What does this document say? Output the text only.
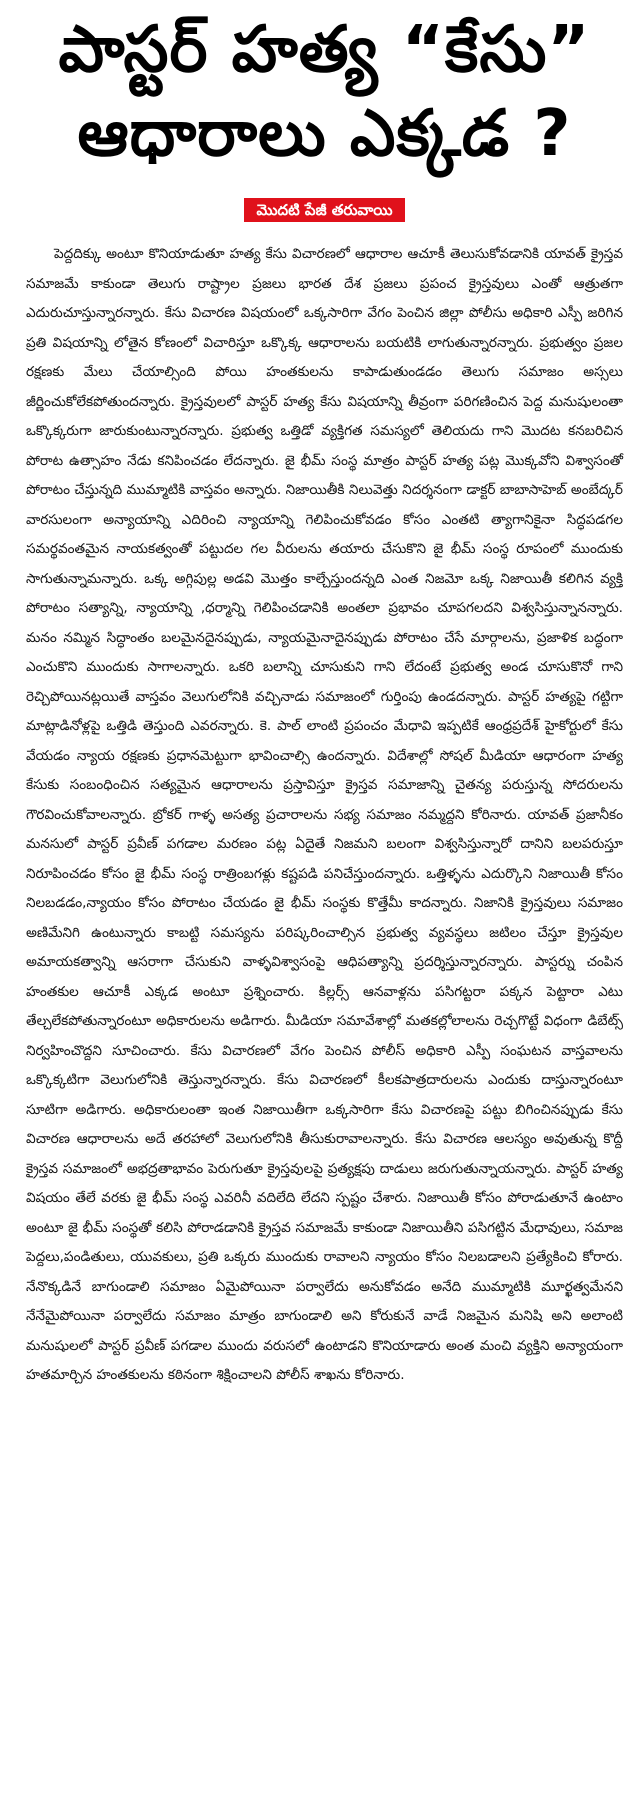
పాస్టర్ హత్య “కేసు”
ఆధారాలు ఎక్కడ ?
మొదటి పేజీ తరువాయి

పెద్దదిక్కు అంటూ కొనియాడుతూ హత్య కేసు విచారణలో ఆధారాల ఆచూకీ తెలుసుకోవడానికి యావత్ క్రైస్తవ సమాజమే కాకుండా తెలుగు రాష్ట్రాల ప్రజలు భారత దేశ ప్రజలు ప్రపంచ క్రైస్తవులు ఎంతో ఆత్రుతగా ఎదురుచూస్తున్నారన్నారు. కేసు విచారణ విషయంలో ఒక్కసారిగా వేగం పెంచిన జిల్లా పోలీసు అధికారి ఎస్పీ జరిగిన ప్రతి విషయాన్ని లోతైన కోణంలో విచారిస్తూ ఒక్కొక్క ఆధారాలను బయటికి లాగుతున్నారన్నారు. ప్రభుత్వం ప్రజల రక్షణకు మేలు చేయాల్సింది పోయి హంతకులను కాపాడుతుండడం తెలుగు సమాజం అస్సలు జీర్ణించుకోలేకపోతుందన్నారు. క్రైస్తవులలో పాస్టర్ హత్య కేసు విషయాన్ని తీవ్రంగా పరిగణించిన పెద్ద మనుషులంతా ఒక్కొక్కరుగా జారుకుంటున్నారన్నారు. ప్రభుత్వ ఒత్తిడో వ్యక్తిగత సమస్యలో తెలియదు గాని మొదట కనబరిచిన పోరాట ఉత్సాహం నేడు కనిపించడం లేదన్నారు. జై భీమ్ సంస్థ మాత్రం పాస్టర్ హత్య పట్ల మొక్కవోని విశ్వాసంతో పోరాటం చేస్తున్నది ముమ్మాటికి వాస్తవం అన్నారు. నిజాయితీకి నిలువెత్తు నిదర్శనంగా డాక్టర్ బాబాసాహెబ్ అంబేద్కర్ వారసులంగా అన్యాయాన్ని ఎదిరించి న్యాయాన్ని గెలిపించుకోవడం కోసం ఎంతటి త్యాగానికైనా సిద్ధపడగల సమర్థవంతమైన నాయకత్వంతో పట్టుదల గల వీరులను తయారు చేసుకొని జై భీమ్ సంస్థ రూపంలో ముందుకు సాగుతున్నామన్నారు. ఒక్క అగ్గిపుల్ల అడవి మొత్తం కాల్చేస్తుందన్నది ఎంత నిజమో ఒక్క నిజాయితీ కలిగిన వ్యక్తి పోరాటం సత్యాన్ని, న్యాయాన్ని ,ధర్మాన్ని గెలిపించడానికి అంతలా ప్రభావం చూపగలదని విశ్వసిస్తున్నానన్నారు. మనం నమ్మిన సిద్ధాంతం బలమైనదైనప్పుడు, న్యాయమైనాదైనప్పుడు పోరాటం చేసే మార్గాలను, ప్రజాళిక బద్ధంగా ఎంచుకొని ముందుకు సాగాలన్నారు. ఒకరి బలాన్ని చూసుకుని గాని లేదంటే ప్రభుత్వ అండ చూసుకొనో గాని రెచ్చిపోయినట్లయితే వాస్తవం వెలుగులోనికి వచ్చినాడు సమాజంలో గుర్తింపు ఉండదన్నారు. పాస్టర్ హత్యపై గట్టిగా మాట్లాడినోళ్లపై ఒత్తిడి తెస్తుంది ఎవరన్నారు. కె. పాల్ లాంటి ప్రపంచం మేధావి ఇప్పటికే ఆంధ్రప్రదేశ్ హైకోర్టులో కేసు వేయడం న్యాయ రక్షణకు ప్రధానమెట్టుగా భావించాల్సి ఉందన్నారు. విదేశాల్లో సోషల్ మీడియా ఆధారంగా హత్య కేసుకు సంబంధించిన సత్యమైన ఆధారాలను ప్రస్తావిస్తూ క్రైస్తవ సమాజాన్ని చైతన్య పరుస్తున్న సోదరులను గౌరవించుకోవాలన్నారు. బ్రోకర్ గాళ్ళ అసత్య ప్రచారాలను సభ్య సమాజం నమ్మద్దని కోరినారు. యావత్ ప్రజానీకం మనసులో పాస్టర్ ప్రవీణ్ పగడాల మరణం పట్ల ఏదైతే నిజమని బలంగా విశ్వసిస్తున్నారో దానిని బలపరుస్తూ నిరూపించడం కోసం జై భీమ్ సంస్థ రాత్రింబగళ్లు కష్టపడి పనిచేస్తుందన్నారు. ఒత్తిళ్ళను ఎదుర్కొని నిజాయితీ కోసం నిలబడడం,న్యాయం కోసం పోరాటం చేయడం జై భీమ్ సంస్థకు కొత్తేమీ కాదన్నారు. నిజానికి క్రైస్తవులు సమాజం అణిమేనిగి ఉంటున్నారు కాబట్టి సమస్యను పరిష్కరించాల్సిన ప్రభుత్వ వ్యవస్థలు జటిలం చేస్తూ క్రైస్తవుల అమాయకత్వాన్ని ఆసరాగా చేసుకుని వాళ్ళవిశ్వాసంపై ఆధిపత్యాన్ని ప్రదర్శిస్తున్నారన్నారు. పాస్టర్ను చంపిన హంతకుల ఆచూకీ ఎక్కడ అంటూ ప్రశ్నించారు. కిల్లర్స్ ఆనవాళ్లను పసిగట్టరా పక్కన పెట్టారా ఎటు తేల్చలేకపోతున్నారంటూ అధికారులను అడిగారు. మీడియా సమావేశాల్లో మతకల్లోలాలను రెచ్చగొట్టే విధంగా డిబేట్స్ నిర్వహించొద్దని సూచించారు. కేసు విచారణలో వేగం పెంచిన పోలీస్ అధికారి ఎస్పీ సంఘటన వాస్తవాలను ఒక్కొక్కటిగా వెలుగులోనికి తెస్తున్నారన్నారు. కేసు విచారణలో కీలకపాత్రదారులను ఎందుకు దాస్తున్నారంటూ సూటిగా అడిగారు. అధికారులంతా ఇంత నిజాయితీగా ఒక్కసారిగా కేసు విచారణపై పట్టు బిగించినప్పుడు కేసు విచారణ ఆధారాలను అదే తరహాలో వెలుగులోనికి తీసుకురావాలన్నారు. కేసు విచారణ ఆలస్యం అవుతున్న కొద్దీ క్రైస్తవ సమాజంలో అభద్రతాభావం పెరుగుతూ క్రైస్తవులపై ప్రత్యక్షపు దాడులు జరుగుతున్నాయన్నారు. పాస్టర్ హత్య విషయం తేలే వరకు జై భీమ్ సంస్థ ఎవరినీ వదిలేది లేదని స్పష్టం చేశారు. నిజాయితీ కోసం పోరాడుతూనే ఉంటాం అంటూ జై భీమ్ సంస్థతో కలిసి పోరాడడానికి క్రైస్తవ సమాజమే కాకుండా నిజాయితీని పసిగట్టిన మేధావులు, సమాజ పెద్దలు,పండితులు, యువకులు, ప్రతి ఒక్కరు ముందుకు రావాలని న్యాయం కోసం నిలబడాలని ప్రత్యేకించి కోరారు. నేనొక్కడినే బాగుండాలి సమాజం ఏమైపోయినా పర్వాలేదు అనుకోవడం అనేది ముమ్మాటికి మూర్ఖత్వమేనని నేనేమైపోయినా పర్వాలేదు సమాజం మాత్రం బాగుండాలి అని కోరుకునే వాడే నిజమైన మనిషి అని అలాంటి మనుషులలో పాస్టర్ ప్రవీణ్ పగడాల ముందు వరుసలో ఉంటాడని కొనియాడారు అంత మంచి వ్యక్తిని అన్యాయంగా హతమార్చిన హంతకులను కఠినంగా శిక్షించాలని పోలీస్ శాఖను కోరినారు.
